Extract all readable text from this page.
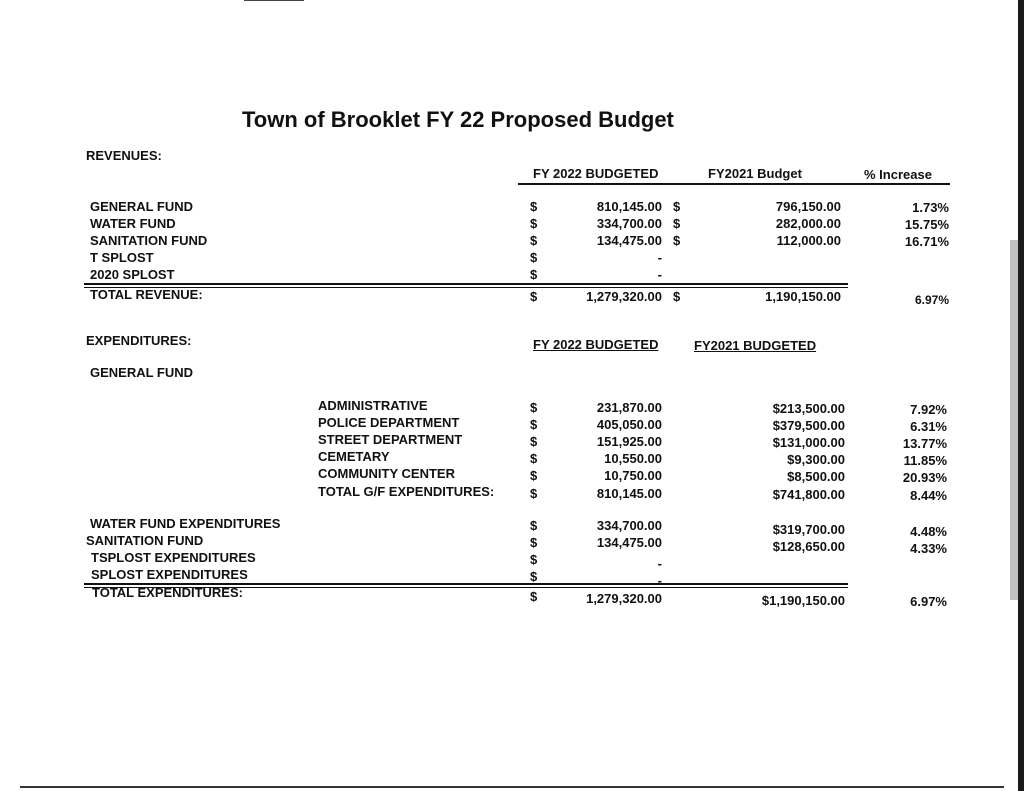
Town of Brooklet FY 22 Proposed Budget
REVENUES:
FY 2022 BUDGETED	FY2021 Budget	% Increase
GENERAL FUND	$	810,145.00 $	796,150.00	1.73%
WATER FUND	$	334,700.00 $	282,000.00	15.75%
SANITATION FUND	$	134,475.00 $	112,000.00	16.71%
T SPLOST	$	-
2020 SPLOST	$	-
TOTAL REVENUE:	$	1,279,320.00 $	1,190,150.00	6.97%
EXPENDITURES:	FY 2022 BUDGETED	FY2021 BUDGETED
GENERAL FUND
ADMINISTRATIVE	$	231,870.00	$213,500.00	7.92%
POLICE DEPARTMENT	$	405,050.00	$379,500.00	6.31%
STREET DEPARTMENT	$	151,925.00	$131,000.00	13.77%
CEMETARY	$	10,550.00	$9,300.00	11.85%
COMMUNITY CENTER	$	10,750.00	$8,500.00	20.93%
TOTAL G/F EXPENDITURES:	$	810,145.00	$741,800.00	8.44%
WATER FUND EXPENDITURES	$	334,700.00	$319,700.00	4.48%
SANITATION FUND	$	134,475.00	$128,650.00	4.33%
TSPLOST EXPENDITURES	$	-
SPLOST EXPENDITURES	$	-
TOTAL EXPENDITURES:	$	1,279,320.00	$1,190,150.00	6.97%
